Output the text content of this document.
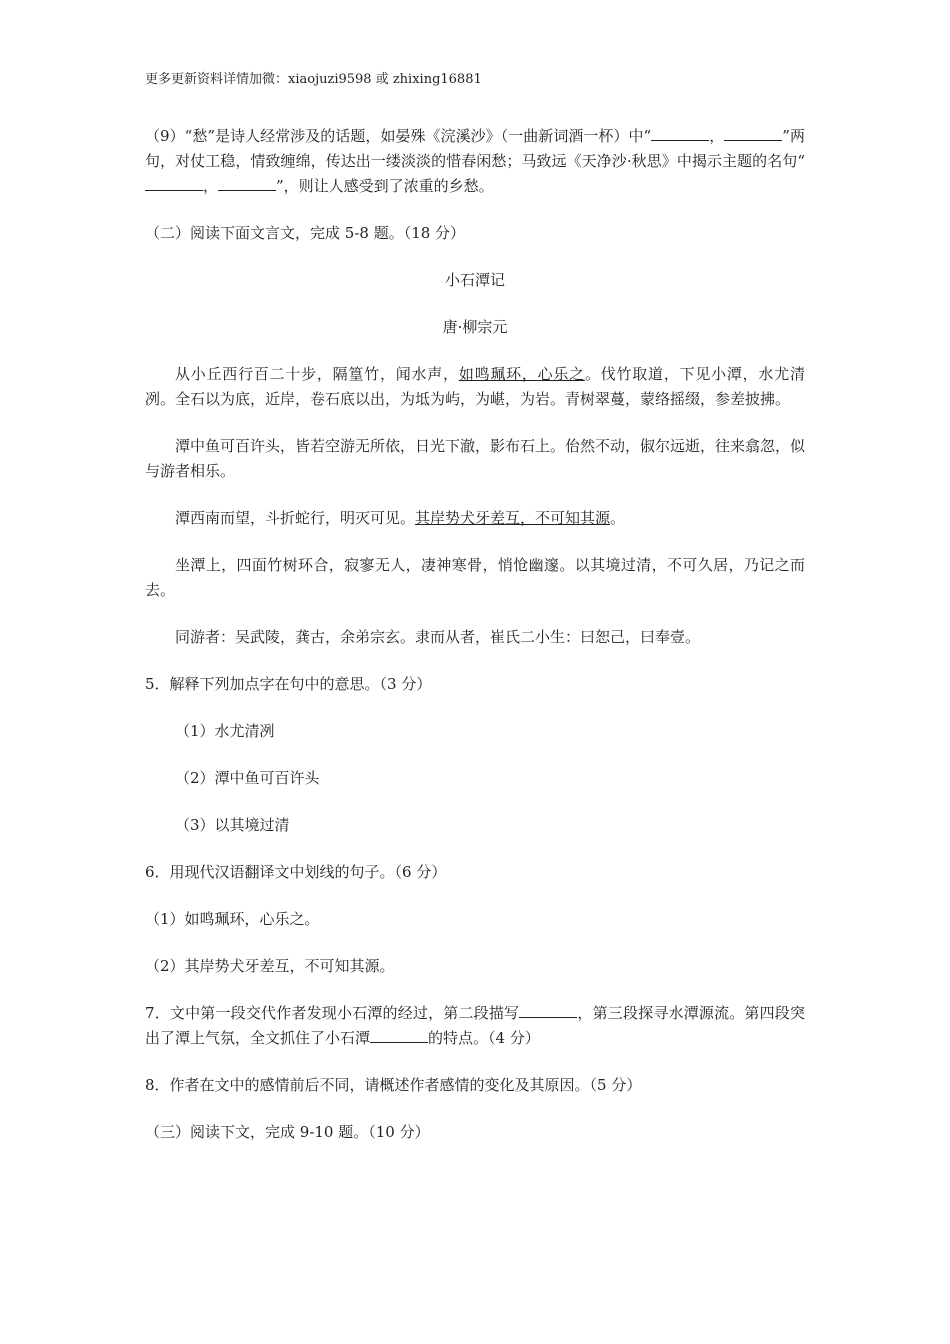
更多更新资料详情加微：xiaojuzi9598 或 zhixing16881

（9）“愁”是诗人经常涉及的话题，如晏殊《浣溪沙》（一曲新词酒一杯）中“	，	”两句，对仗工稳，情致缠绵，传达出一缕淡淡的惜春闲愁；马致远《天净沙·秋思》中揭示主题的名句“，	”，则让人感受到了浓重的乡愁。

（二）阅读下面文言文，完成 5-8 题。（18 分）

小石潭记

唐·柳宗元

从小丘西行百二十步，隔篁竹，闻水声，如鸣珮环，心乐之。伐竹取道，下见小潭，水尤清冽。全石以为底，近岸，卷石底以出，为坻为屿，为嵁，为岩。青树翠蔓，蒙络摇缀，参差披拂。

潭中鱼可百许头，皆若空游无所依，日光下澈，影布石上。佁然不动，俶尔远逝，往来翕忽，似与游者相乐。

潭西南而望，斗折蛇行，明灭可见。其岸势犬牙差互，不可知其源。

坐潭上，四面竹树环合，寂寥无人，凄神寒骨，悄怆幽邃。以其境过清，不可久居，乃记之而去。

同游者：吴武陵，龚古，余弟宗玄。隶而从者，崔氏二小生：曰恕己，曰奉壹。

5．解释下列加点字在句中的意思。（3 分）

（1）水尤清冽

（2）潭中鱼可百许头

（3）以其境过清

6．用现代汉语翻译文中划线的句子。（6 分）

（1）如鸣珮环，心乐之。

（2）其岸势犬牙差互，不可知其源。

7．文中第一段交代作者发现小石潭的经过，第二段描写	，第三段探寻水潭源流。第四段突出了潭上气氛，全文抓住了小石潭	的特点。（4 分）

8．作者在文中的感情前后不同，请概述作者感情的变化及其原因。（5 分）

（三）阅读下文，完成 9-10 题。（10 分）
